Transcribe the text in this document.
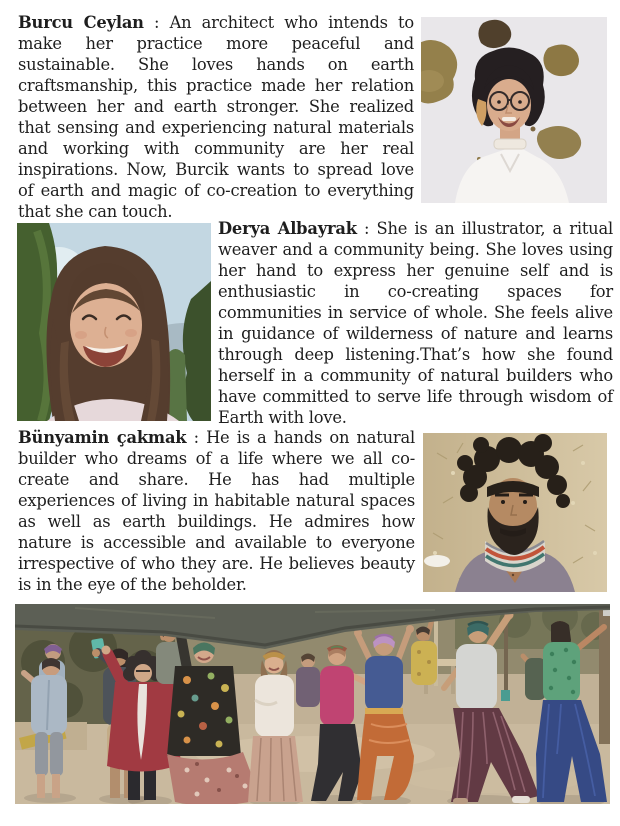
Burcu Ceylan : An architect who intends to make her practice more peaceful and sustainable. She loves hands on earth craftsmanship, this practice made her relation between her and earth stronger. She realized that sensing and experiencing natural materials and working with community are her real inspirations. Now, Burcik wants to spread love of earth and magic of co-creation to everything that she can touch.

Derya Albayrak : She is an illustrator, a ritual weaver and a community being. She loves using her hand to express her genuine self and is enthusiastic in co-creating spaces for communities in service of whole. She feels alive in guidance of wilderness of nature and learns through deep listening.That’s how she found herself in a community of natural builders who have committed to serve life through wisdom of Earth with love.

Bünyamin çakmak : He is a hands on natural builder who dreams of a life where we all co-create and share. He has had multiple experiences of living in habitable natural spaces as well as earth buildings. He admires how nature is accessible and available to everyone irrespective of who they are. He believes beauty is in the eye of the beholder.
